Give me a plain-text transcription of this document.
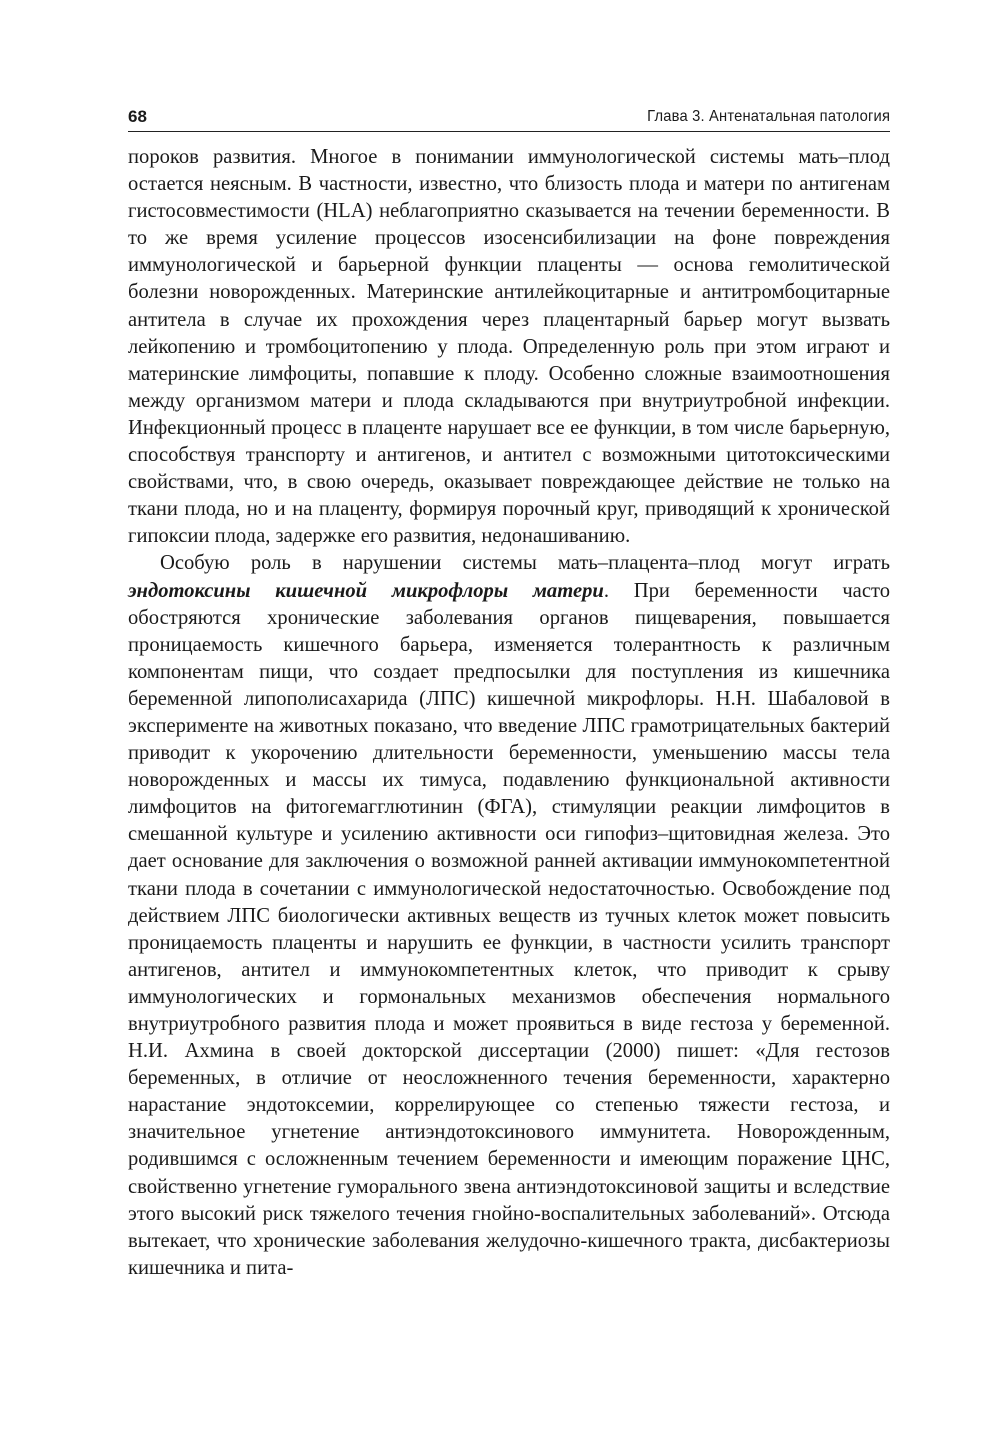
68	Глава 3. Антенатальная патология

пороков развития. Многое в понимании иммунологической системы мать–плод остается неясным. В частности, известно, что близость плода и матери по антигенам гистосовместимости (HLA) неблагоприятно сказывается на течении беременности. В то же время усиление процессов изосенсибилизации на фоне повреждения иммунологической и барьерной функции плаценты — основа гемолитической болезни новорожденных. Материнские антилейкоцитарные и антитромбоцитарные антитела в случае их прохождения через плацентарный барьер могут вызвать лейкопению и тромбоцитопению у плода. Определенную роль при этом играют и материнские лимфоциты, попавшие к плоду. Особенно сложные взаимоотношения между организмом матери и плода складываются при внутриутробной инфекции. Инфекционный процесс в плаценте нарушает все ее функции, в том числе барьерную, способствуя транспорту и антигенов, и антител с возможными цитотоксическими свойствами, что, в свою очередь, оказывает повреждающее действие не только на ткани плода, но и на плаценту, формируя порочный круг, приводящий к хронической гипоксии плода, задержке его развития, недонашиванию.

Особую роль в нарушении системы мать–плацента–плод могут играть эндотоксины кишечной микрофлоры матери. При беременности часто обостряются хронические заболевания органов пищеварения, повышается проницаемость кишечного барьера, изменяется толерантность к различным компонентам пищи, что создает предпосылки для поступления из кишечника беременной липополисахарида (ЛПС) кишечной микрофлоры. Н.Н. Шабаловой в эксперименте на животных показано, что введение ЛПС грамотрицательных бактерий приводит к укорочению длительности беременности, уменьшению массы тела новорожденных и массы их тимуса, подавлению функциональной активности лимфоцитов на фитогемагглютинин (ФГА), стимуляции реакции лимфоцитов в смешанной культуре и усилению активности оси гипофиз–щитовидная железа. Это дает основание для заключения о возможной ранней активации иммунокомпетентной ткани плода в сочетании с иммунологической недостаточностью. Освобождение под действием ЛПС биологически активных веществ из тучных клеток может повысить проницаемость плаценты и нарушить ее функции, в частности усилить транспорт антигенов, антител и иммунокомпетентных клеток, что приводит к срыву иммунологических и гормональных механизмов обеспечения нормального внутриутробного развития плода и может проявиться в виде гестоза у беременной. Н.И. Ахмина в своей докторской диссертации (2000) пишет: «Для гестозов беременных, в отличие от неосложненного течения беременности, характерно нарастание эндотоксемии, коррелирующее со степенью тяжести гестоза, и значительное угнетение антиэндотоксинового иммунитета. Новорожденным, родившимся с осложненным течением беременности и имеющим поражение ЦНС, свойственно угнетение гуморального звена антиэндотоксиновой защиты и вследствие этого высокий риск тяжелого течения гнойно-воспалительных заболеваний». Отсюда вытекает, что хронические заболевания желудочно-кишечного тракта, дисбактериозы кишечника и пита-
